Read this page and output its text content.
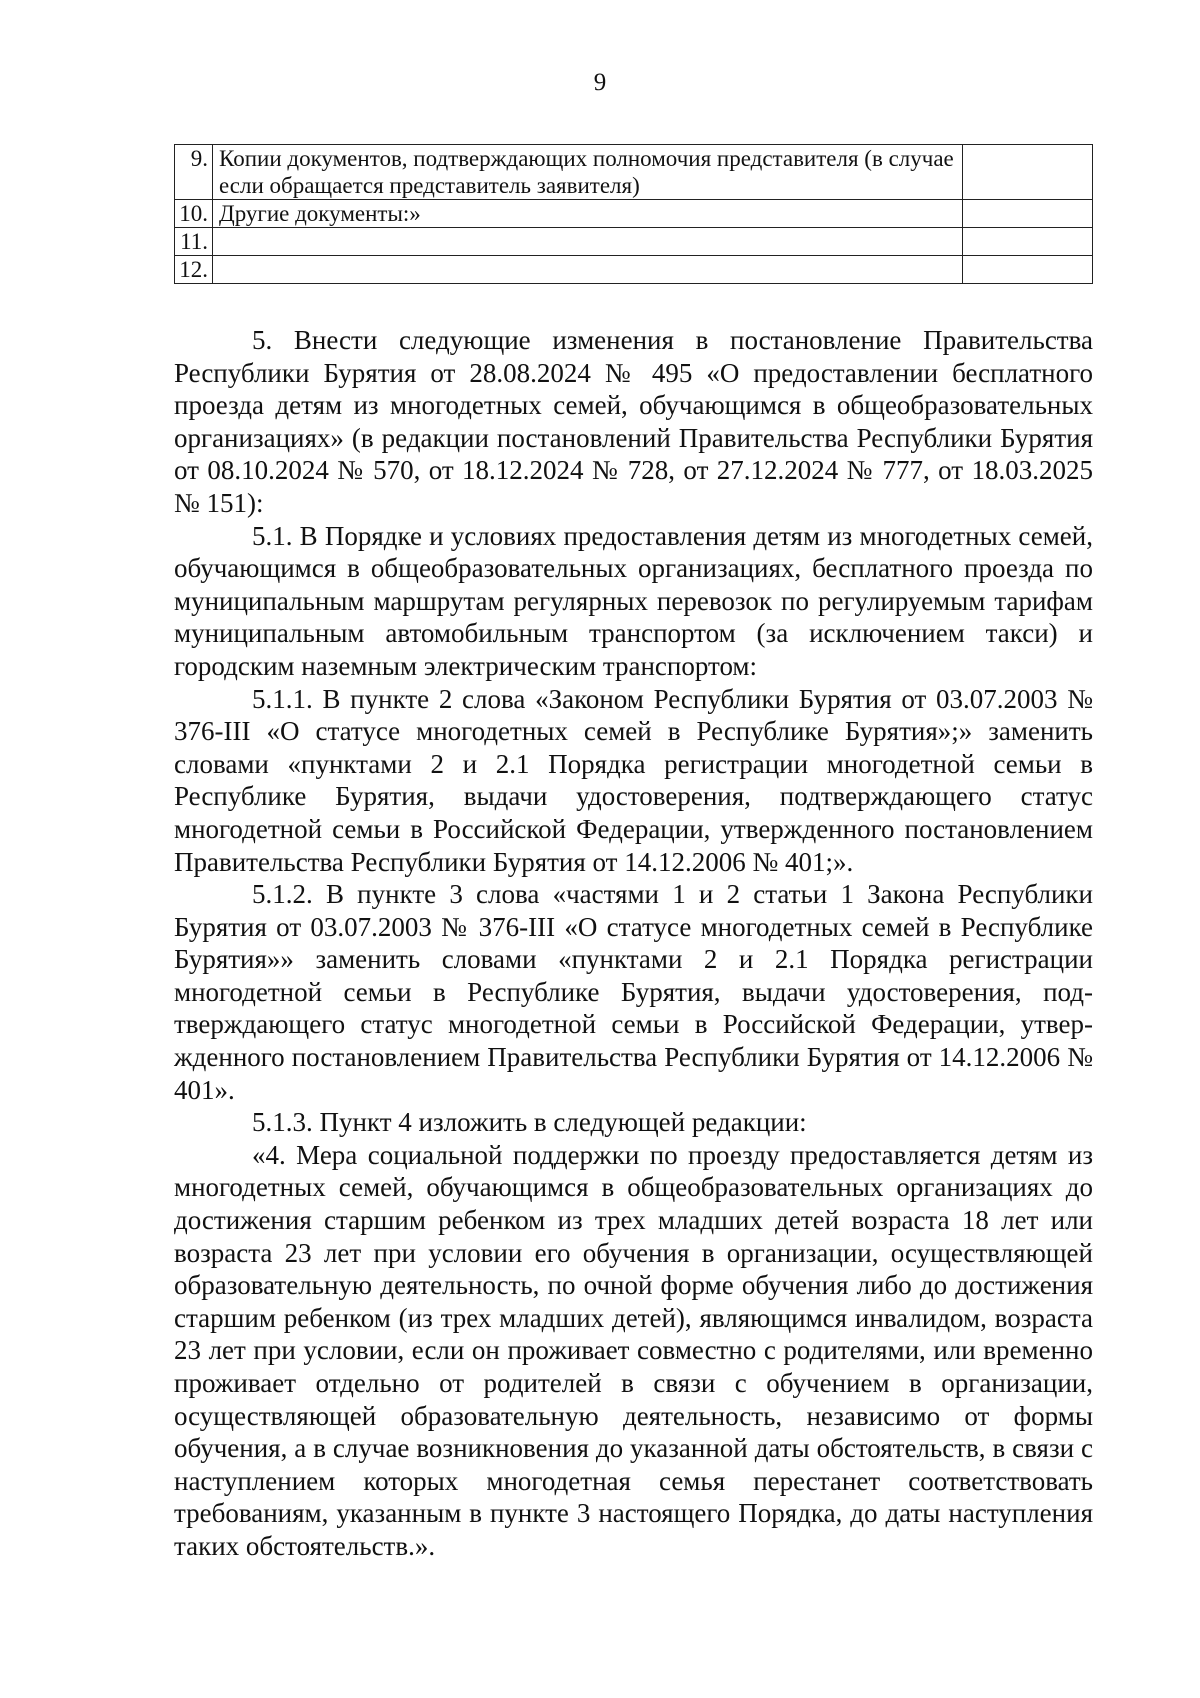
9
9.	Копии документов, подтверждающих полномочия представителя (в случае если обращается представитель заявителя)	
10.	Другие документы:»	
11.		
12.		

5. Внести следующие изменения в постановление Правительства Республики Бурятия от 28.08.2024 № 495 «О предоставлении бесплатного проезда детям из многодетных семей, обучающимся в общеобразовательных организациях» (в редакции постановлений Правительства Республики Бурятия от 08.10.2024 № 570, от 18.12.2024 № 728, от 27.12.2024 № 777, от 18.03.2025 № 151):

5.1. В Порядке и условиях предоставления детям из многодетных семей, обучающимся в общеобразовательных организациях, бесплатного проезда по муниципальным маршрутам регулярных перевозок по регулируемым тарифам муниципальным автомобильным транспортом (за исключением такси) и городским наземным электрическим транспортом:

5.1.1. В пункте 2 слова «Законом Республики Бурятия от 03.07.2003 № 376-III «О статусе многодетных семей в Республике Бурятия»;» заменить словами «пунктами 2 и 2.1 Порядка регистрации многодетной семьи в Республике Бурятия, выдачи удостоверения, подтверждающего статус многодетной семьи в Российской Федерации, утвержденного постановлением Правительства Республики Бурятия от 14.12.2006 № 401;».

5.1.2. В пункте 3 слова «частями 1 и 2 статьи 1 Закона Республики Бурятия от 03.07.2003 № 376-III «О статусе многодетных семей в Республике Бурятия»» заменить словами «пунктами 2 и 2.1 Порядка регистрации многодетной семьи в Республике Бурятия, выдачи удостоверения, подтверждающего статус многодетной семьи в Российской Федерации, утвержденного постановлением Правительства Республики Бурятия от 14.12.2006 № 401».

5.1.3. Пункт 4 изложить в следующей редакции:

«4. Мера социальной поддержки по проезду предоставляется детям из многодетных семей, обучающимся в общеобразовательных организациях до достижения старшим ребенком из трех младших детей возраста 18 лет или возраста 23 лет при условии его обучения в организации, осуществляющей образовательную деятельность, по очной форме обучения либо до достижения старшим ребенком (из трех младших детей), являющимся инвалидом, возраста 23 лет при условии, если он проживает совместно с родителями, или временно проживает отдельно от родителей в связи с обучением в организации, осуществляющей образовательную деятельность, независимо от формы обучения, а в случае возникновения до указанной даты обстоятельств, в связи с наступлением которых многодетная семья перестанет соответствовать требованиям, указанным в пункте 3 настоящего Порядка, до даты наступления таких обстоятельств.».
